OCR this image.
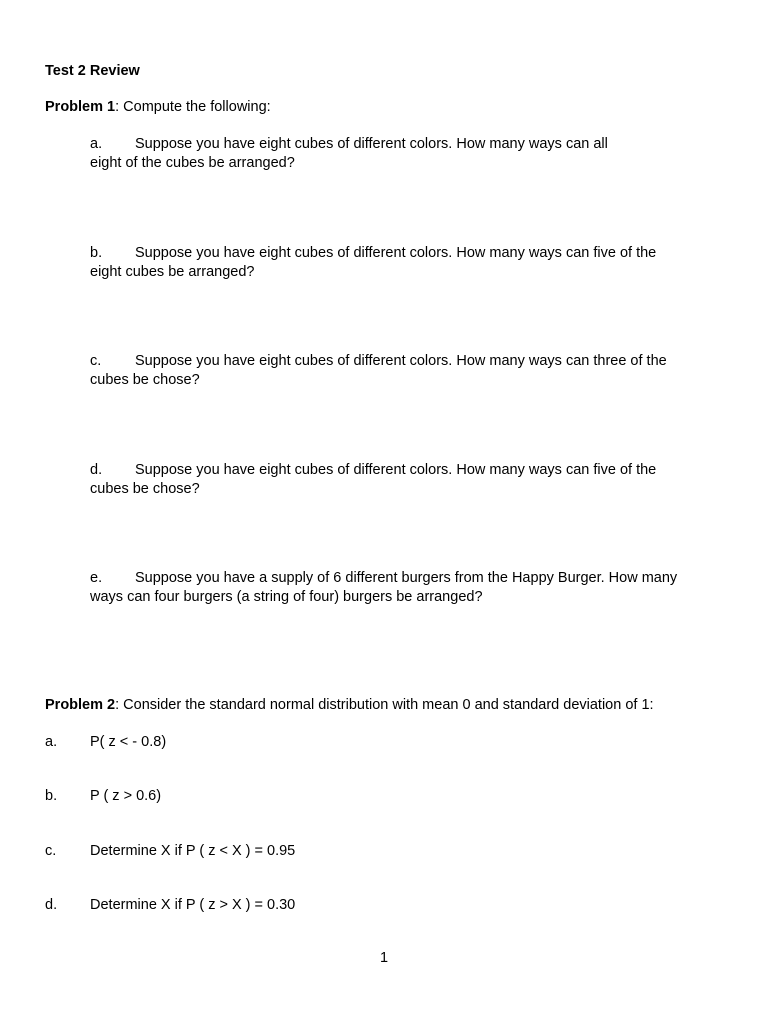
Test 2 Review
Problem 1: Compute the following:
a. Suppose you have eight cubes of different colors. How many ways can all
eight of the cubes be arranged?
b. Suppose you have eight cubes of different colors. How many ways can five of the
eight cubes be arranged?
c. Suppose you have eight cubes of different colors. How many ways can three of the
cubes be chose?
d. Suppose you have eight cubes of different colors. How many ways can five of the
cubes be chose?
e. Suppose you have a supply of 6 different burgers from the Happy Burger. How many
ways can four burgers (a string of four) burgers be arranged?
Problem 2: Consider the standard normal distribution with mean 0 and standard deviation of 1:
a. P( z < - 0.8)
b. P ( z > 0.6)
c. Determine X if P ( z < X ) = 0.95
d. Determine X if P ( z > X ) = 0.30
1
